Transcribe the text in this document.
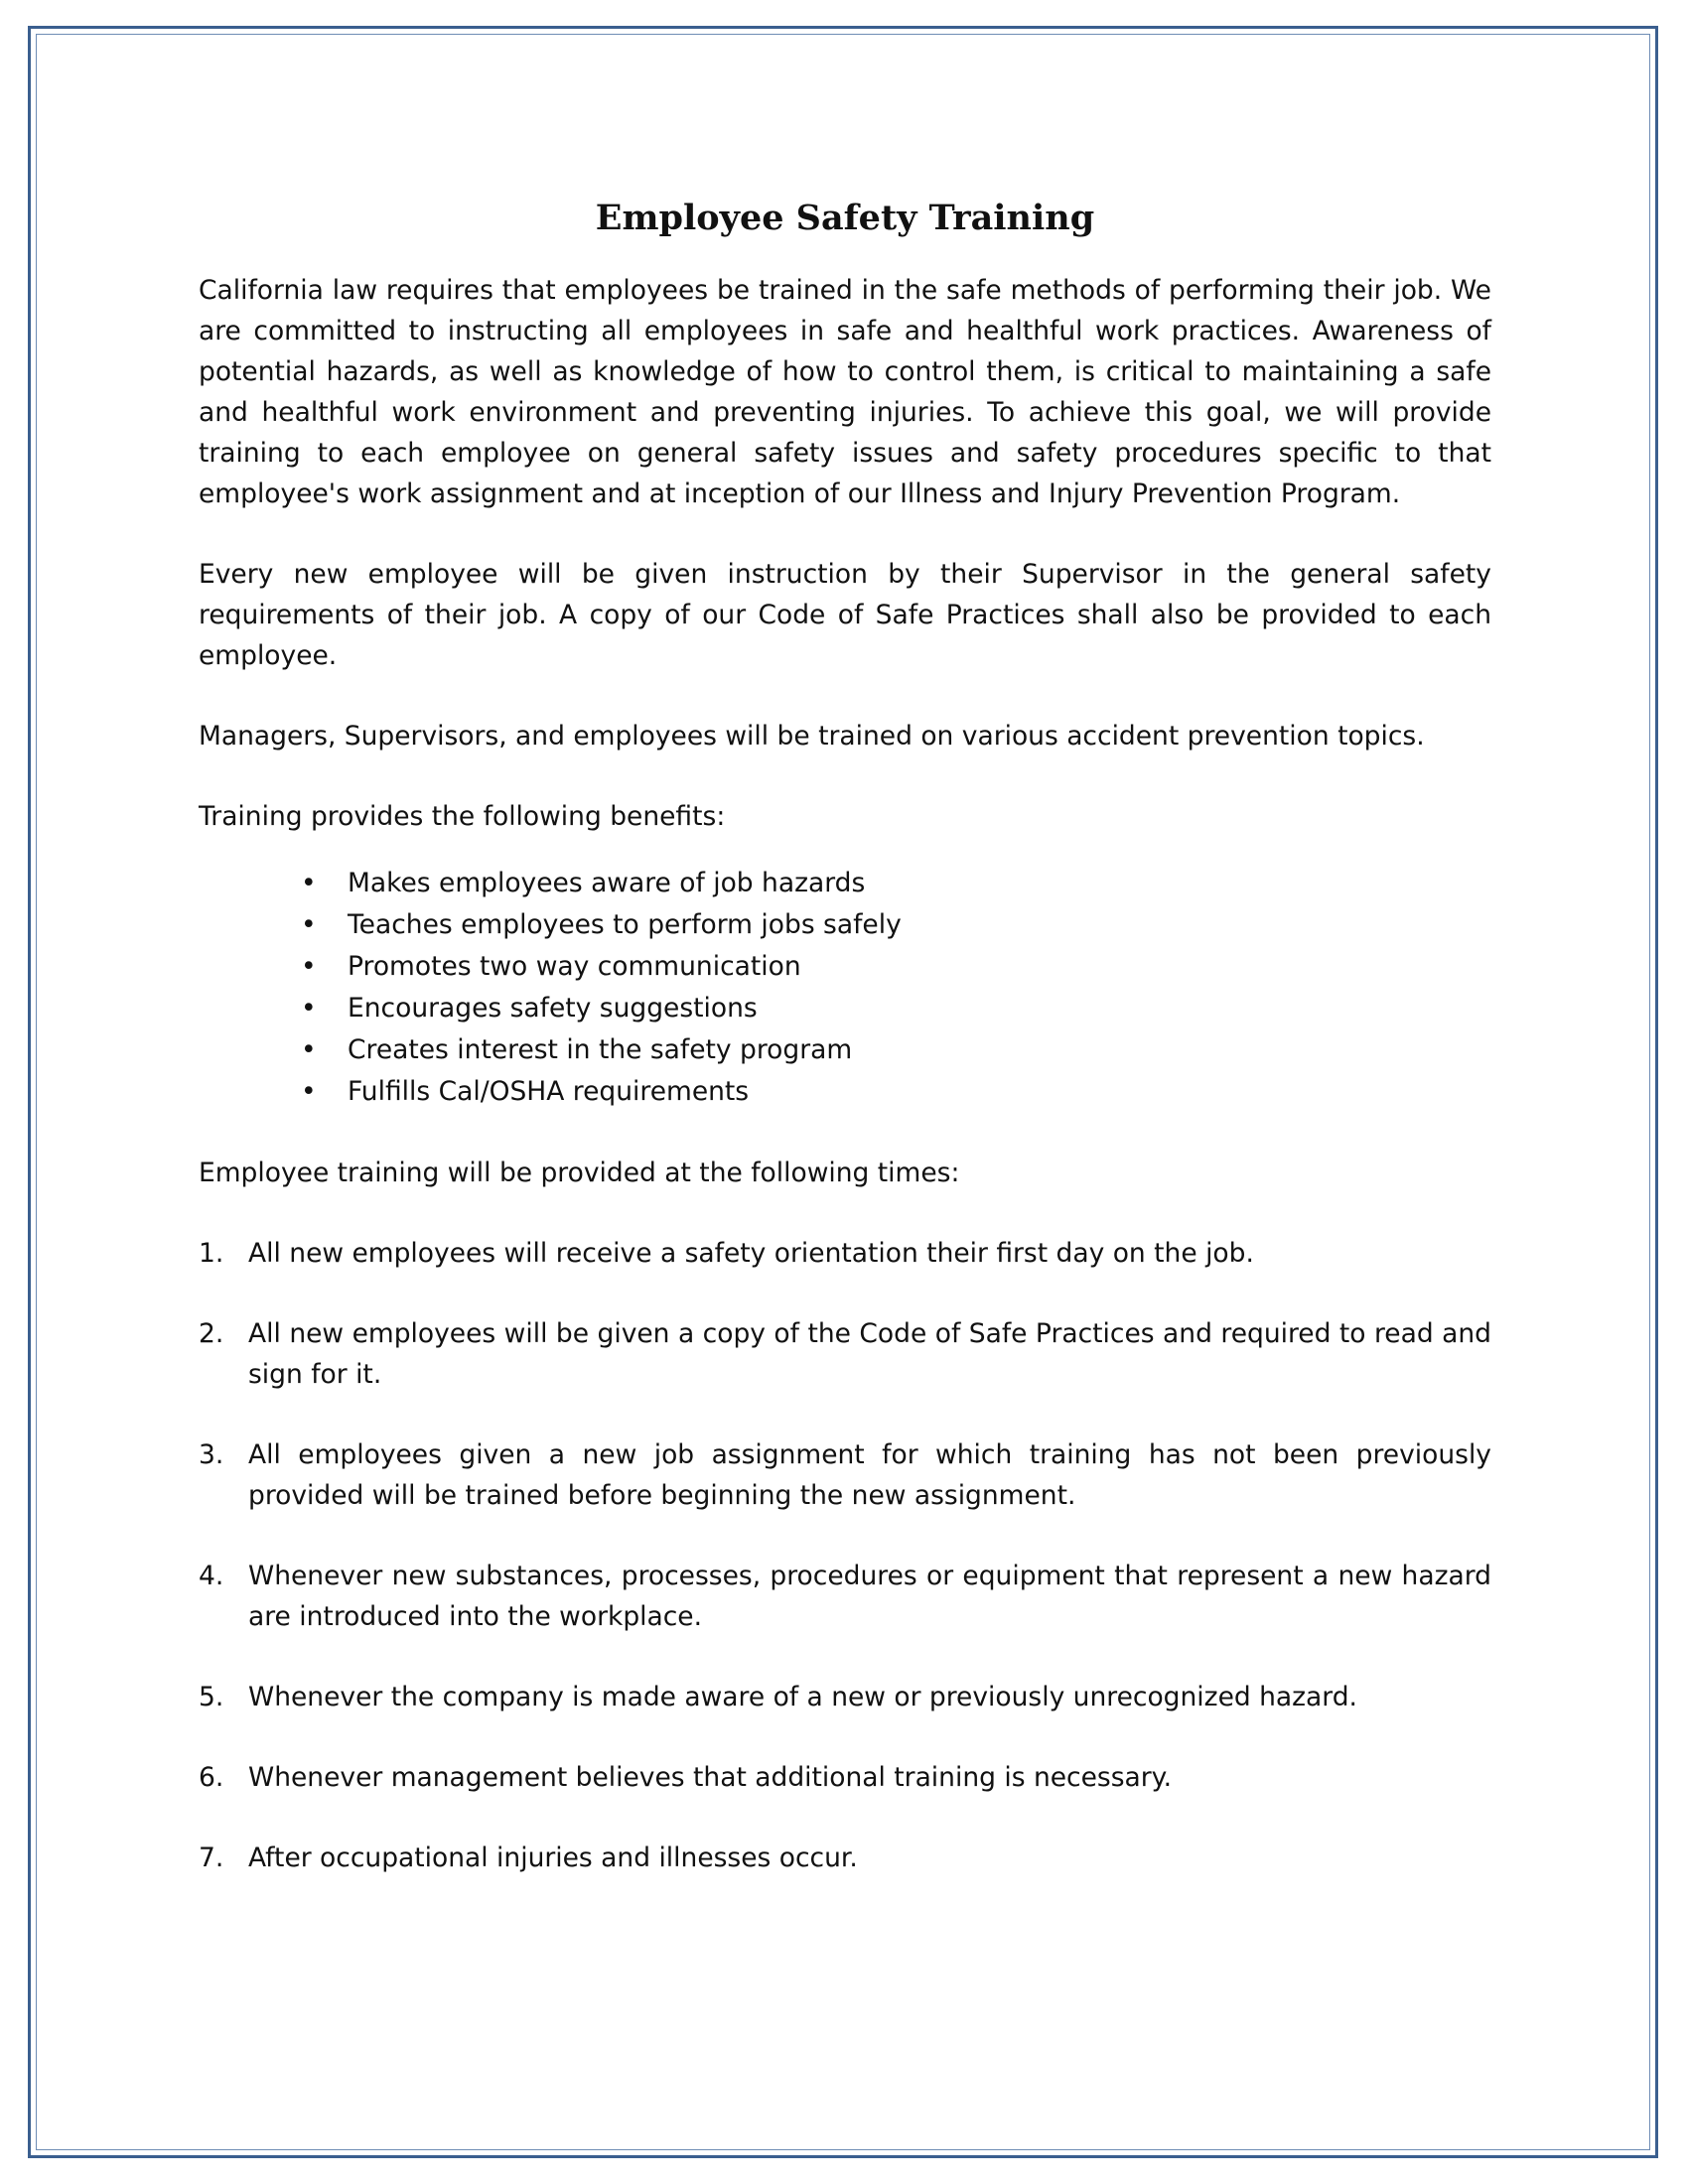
Employee Safety Training

California law requires that employees be trained in the safe methods of performing their job. We are committed to instructing all employees in safe and healthful work practices. Awareness of potential hazards, as well as knowledge of how to control them, is critical to maintaining a safe and healthful work environment and preventing injuries. To achieve this goal, we will provide training to each employee on general safety issues and safety procedures specific to that employee's work assignment and at inception of our Illness and Injury Prevention Program.

Every new employee will be given instruction by their Supervisor in the general safety requirements of their job. A copy of our Code of Safe Practices shall also be provided to each employee.

Managers, Supervisors, and employees will be trained on various accident prevention topics.

Training provides the following benefits:

• Makes employees aware of job hazards
• Teaches employees to perform jobs safely
• Promotes two way communication
• Encourages safety suggestions
• Creates interest in the safety program
• Fulfills Cal/OSHA requirements

Employee training will be provided at the following times:

1. All new employees will receive a safety orientation their first day on the job.
2. All new employees will be given a copy of the Code of Safe Practices and required to read and sign for it.
3. All employees given a new job assignment for which training has not been previously provided will be trained before beginning the new assignment.
4. Whenever new substances, processes, procedures or equipment that represent a new hazard are introduced into the workplace.
5. Whenever the company is made aware of a new or previously unrecognized hazard.
6. Whenever management believes that additional training is necessary.
7. After occupational injuries and illnesses occur.
